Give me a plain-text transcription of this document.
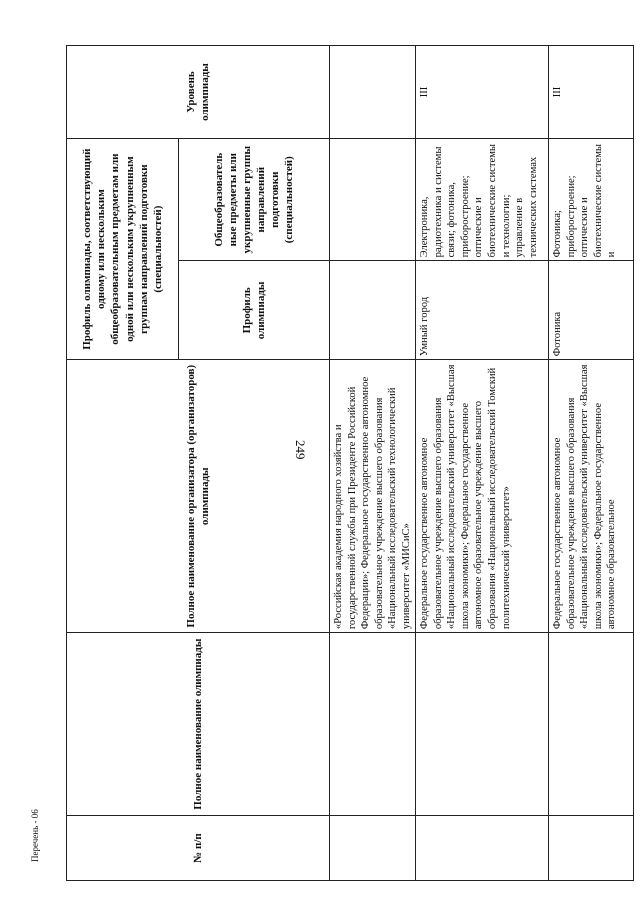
249
Перечень - 06	№ п/п	Полное наименование олимпиады	Полное наименование организатора (организаторов) олимпиады	Профиль олимпиады, соответствующий одному или нескольким общеобразовательным предметам или одной или нескольким укрупненным группам направлений подготовки (специальностей)		Уровень олимпиады
			Профиль олимпиады	Общеобразователь ные предметы или укрупненные группы направлений подготовки (специальностей)	
		«Российская академия народного хозяйства и государственной службы при Президенте Российской Федерации»; Федеральное государственное автономное образовательное учреждение высшего образования «Национальный исследовательский технологический университет «МИСиС»			
		Федеральное государственное автономное образовательное учреждение высшего образования «Национальный исследовательский университет «Высшая школа экономики»; Федеральное государственное автономное образовательное учреждение высшего образования «Национальный исследовательский Томский политехнический университет»	Умный город	Электроника, радиотехника и системы связи; фотоника, приборостроение; оптические и биотехнические системы и технологии; управление в технических системах	III
		Федеральное государственное автономное образовательное учреждение высшего образования «Национальный исследовательский университет «Высшая школа экономики»; Федеральное государственное автономное образовательное	Фотоника	Фотоника; приборостроение; оптические и биотехнические системы и	III
